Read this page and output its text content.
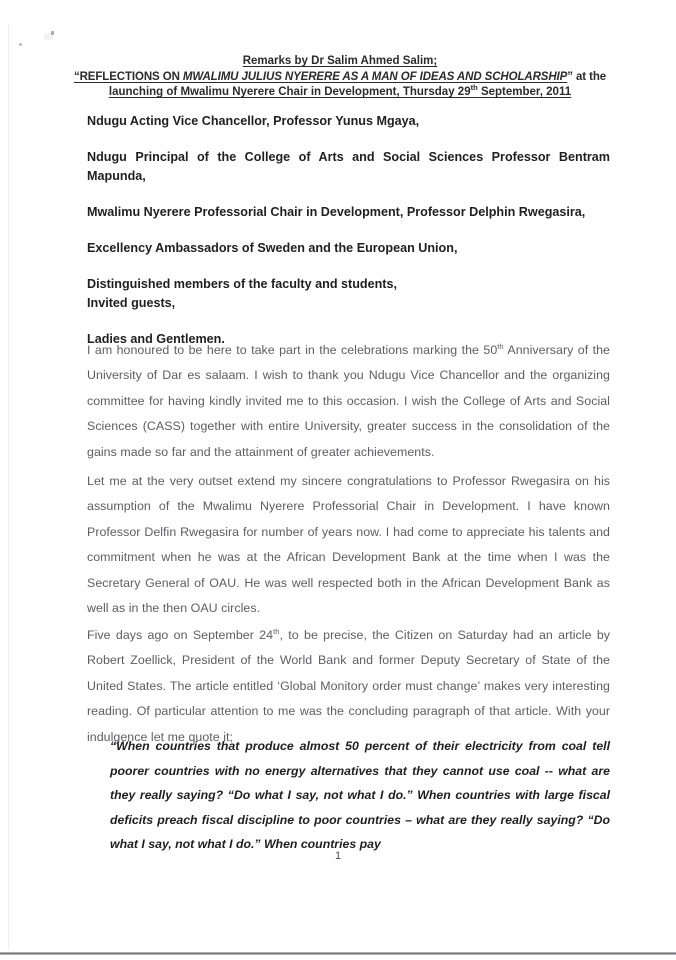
Remarks by Dr Salim Ahmed Salim;
“REFLECTIONS ON MWALIMU JULIUS NYERERE AS A MAN OF IDEAS AND SCHOLARSHIP” at the
launching of Mwalimu Nyerere Chair in Development, Thursday 29th September, 2011
Ndugu Acting Vice Chancellor, Professor Yunus Mgaya,
Ndugu Principal of the College of Arts and Social Sciences Professor Bentram Mapunda,
Mwalimu Nyerere Professorial Chair in Development, Professor Delphin Rwegasira,
Excellency Ambassadors of Sweden and the European Union,
Distinguished members of the faculty and students,
Invited guests,
Ladies and Gentlemen.
I am honoured to be here to take part in the celebrations marking the 50th Anniversary of the University of Dar es salaam. I wish to thank you Ndugu Vice Chancellor and the organizing committee for having kindly invited me to this occasion. I wish the College of Arts and Social Sciences (CASS) together with entire University, greater success in the consolidation of the gains made so far and the attainment of greater achievements.
Let me at the very outset extend my sincere congratulations to Professor Rwegasira on his assumption of the Mwalimu Nyerere Professorial Chair in Development. I have known Professor Delfin Rwegasira for number of years now. I had come to appreciate his talents and commitment when he was at the African Development Bank at the time when I was the Secretary General of OAU. He was well respected both in the African Development Bank as well as in the then OAU circles.
Five days ago on September 24th, to be precise, the Citizen on Saturday had an article by Robert Zoellick, President of the World Bank and former Deputy Secretary of State of the United States. The article entitled ‘Global Monitory order must change’ makes very interesting reading. Of particular attention to me was the concluding paragraph of that article. With your indulgence let me quote it;
“When countries that produce almost 50 percent of their electricity from coal tell poorer countries with no energy alternatives that they cannot use coal -- what are they really saying? “Do what I say, not what I do.” When countries with large fiscal deficits preach fiscal discipline to poor countries – what are they really saying? “Do what I say, not what I do.” When countries pay
1
